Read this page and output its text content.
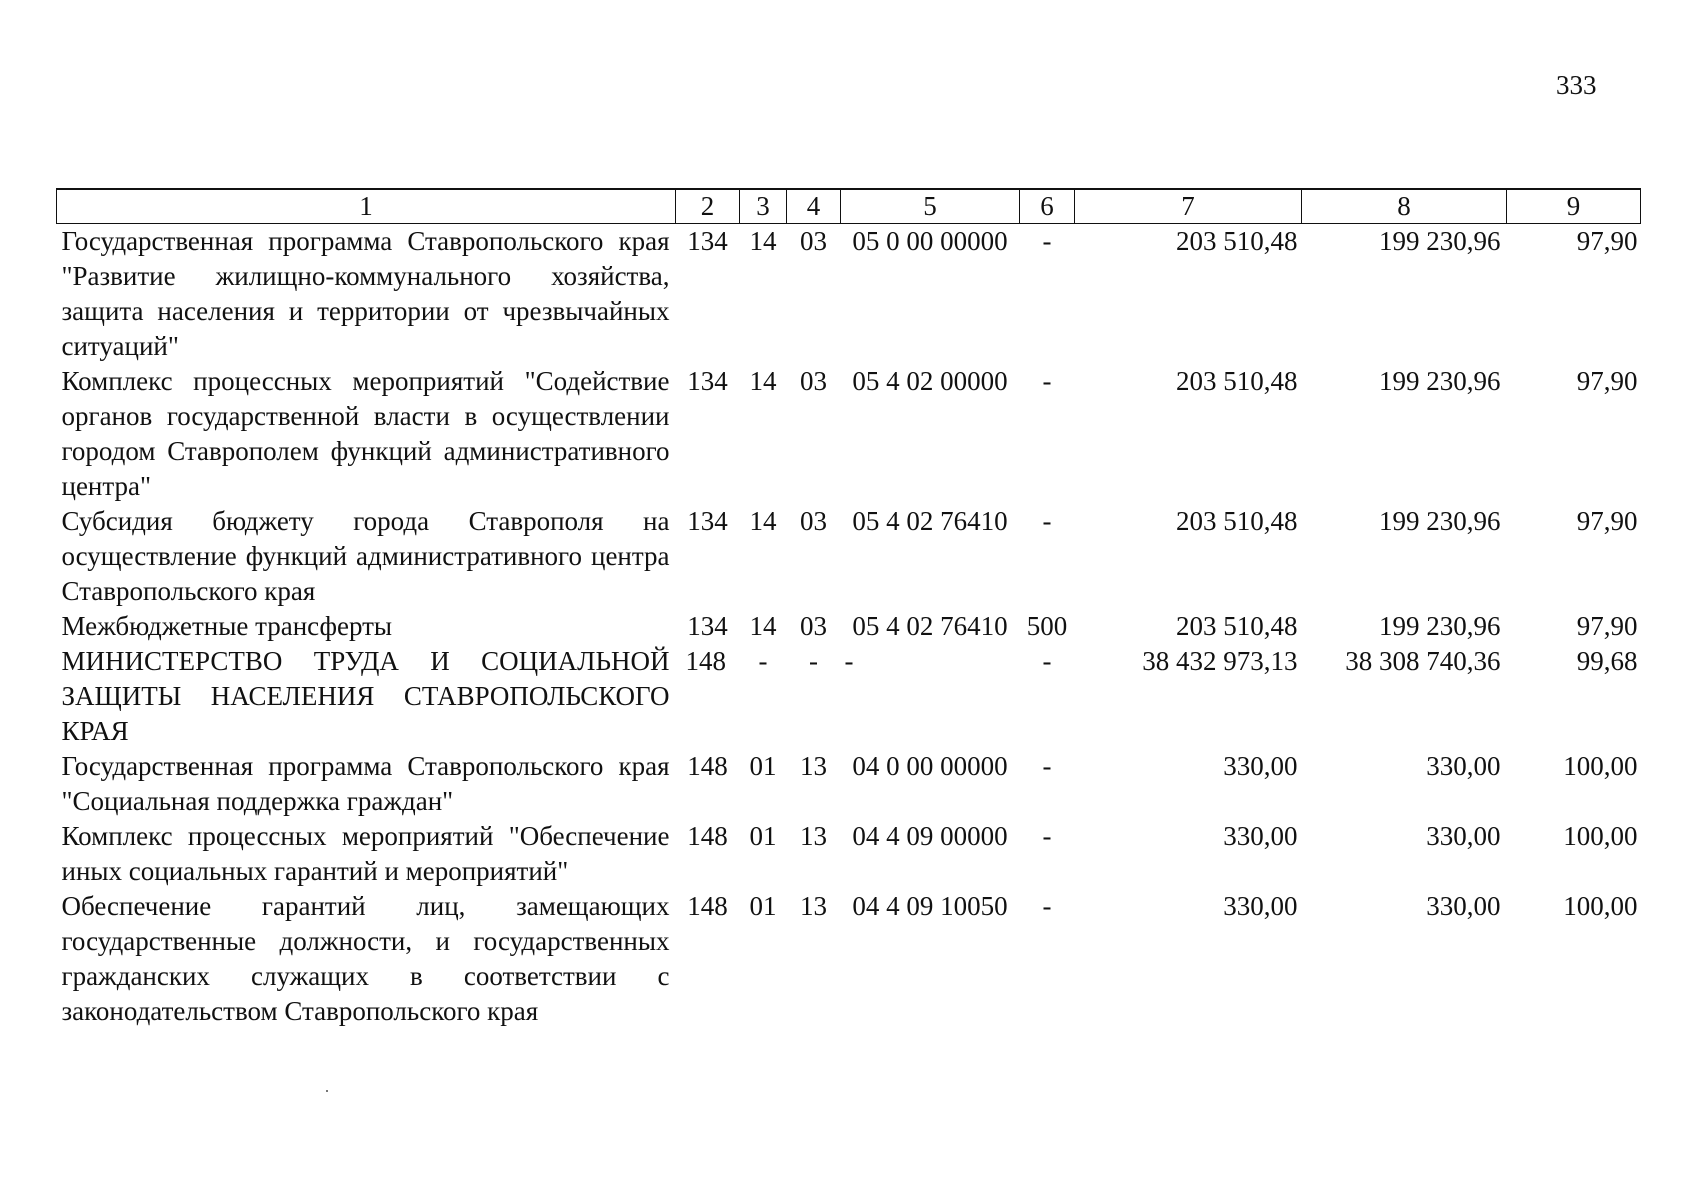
333
1	2	3	4	5	6	7	8	9
Государственная программа Ставропольского края "Развитие жилищно-коммунального хозяйства, защита населения и территории от чрезвычайных ситуаций"	134	14	03	05 0 00 00000	-	203 510,48	199 230,96	97,90
Комплекс процессных мероприятий "Содействие органов государственной власти в осуществлении городом Ставрополем функций административного центра"	134	14	03	05 4 02 00000	-	203 510,48	199 230,96	97,90
Субсидия бюджету города Ставрополя на осуществление функций административного центра Ставропольского края	134	14	03	05 4 02 76410	-	203 510,48	199 230,96	97,90
Межбюджетные трансферты	134	14	03	05 4 02 76410	500	203 510,48	199 230,96	97,90
МИНИСТЕРСТВО ТРУДА И СОЦИАЛЬНОЙ ЗАЩИТЫ НАСЕЛЕНИЯ СТАВРОПОЛЬСКОГО КРАЯ	148	-	-	-	-	38 432 973,13	38 308 740,36	99,68
Государственная программа Ставропольского края "Социальная поддержка граждан"	148	01	13	04 0 00 00000	-	330,00	330,00	100,00
Комплекс процессных мероприятий "Обеспечение иных социальных гарантий и мероприятий"	148	01	13	04 4 09 00000	-	330,00	330,00	100,00
Обеспечение гарантий лиц, замещающих государственные должности, и государственных гражданских служащих в соответствии с законодательством Ставропольского края	148	01	13	04 4 09 10050	-	330,00	330,00	100,00
